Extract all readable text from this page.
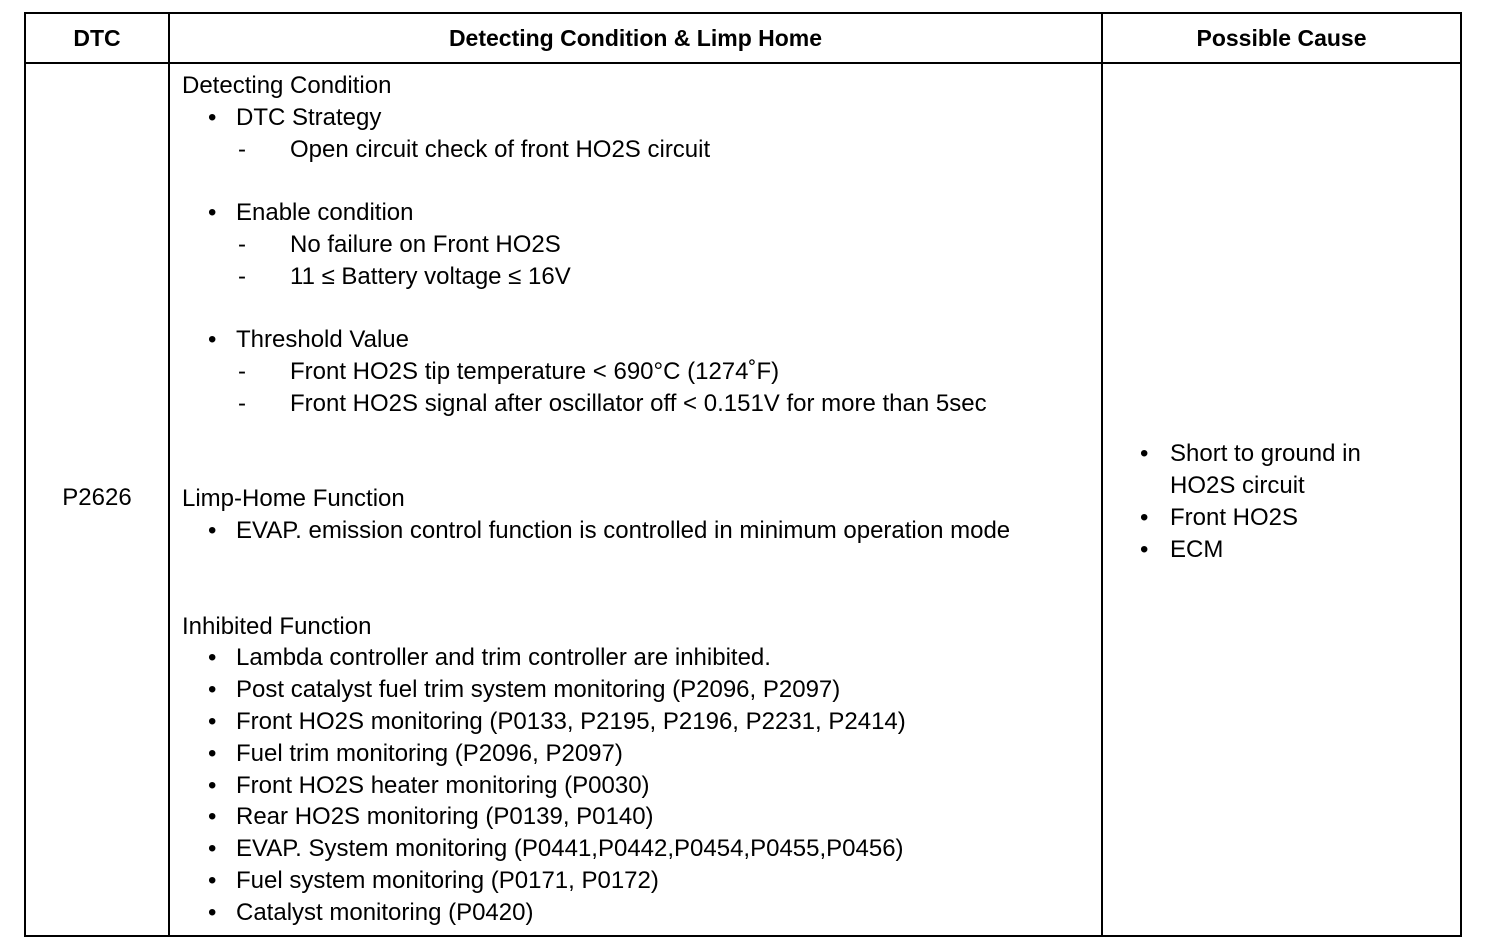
DTC	Detecting Condition & Limp Home	Possible Cause
P2626
Detecting Condition
• DTC Strategy
- Open circuit check of front HO2S circuit
• Enable condition
- No failure on Front HO2S
- 11 ≤ Battery voltage ≤ 16V
• Threshold Value
- Front HO2S tip temperature < 690°C (1274˚F)
- Front HO2S signal after oscillator off < 0.151V for more than 5sec
Limp-Home Function
• EVAP. emission control function is controlled in minimum operation mode
Inhibited Function
• Lambda controller and trim controller are inhibited.
• Post catalyst fuel trim system monitoring (P2096, P2097)
• Front HO2S monitoring (P0133, P2195, P2196, P2231, P2414)
• Fuel trim monitoring (P2096, P2097)
• Front HO2S heater monitoring (P0030)
• Rear HO2S monitoring (P0139, P0140)
• EVAP. System monitoring (P0441,P0442,P0454,P0455,P0456)
• Fuel system monitoring (P0171, P0172)
• Catalyst monitoring (P0420)
• Short to ground in
HO2S circuit
• Front HO2S
• ECM
